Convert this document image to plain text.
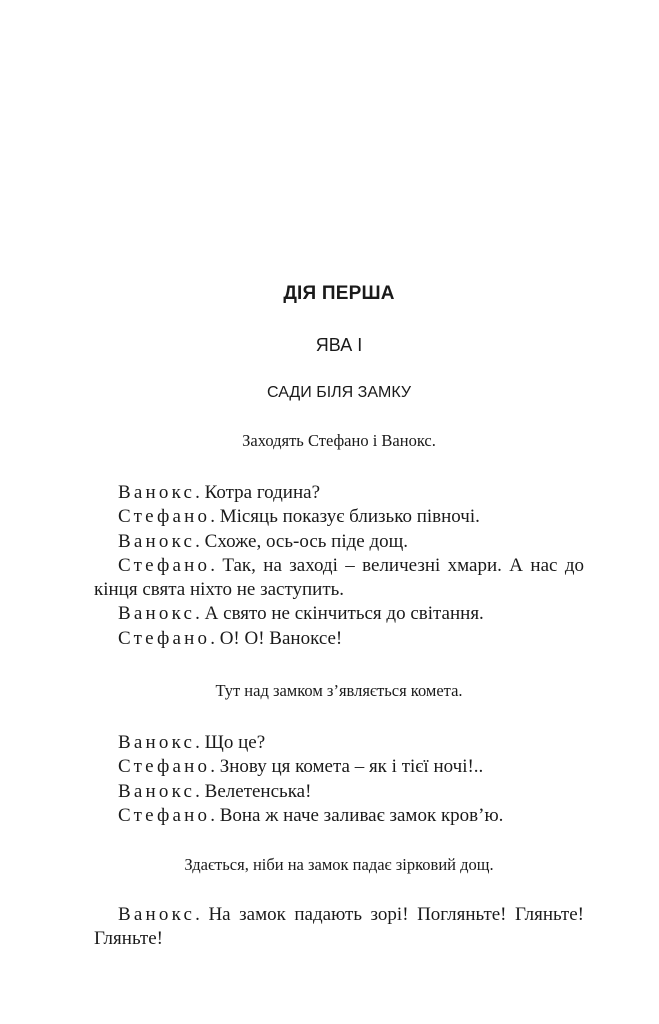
ДІЯ ПЕРША
ЯВА І
САДИ БІЛЯ ЗАМКУ
Заходять Стефано і Ванокс.

Ванокс. Котра година?

Стефано. Місяць показує близько півночі.

Ванокс. Схоже, ось-ось піде дощ.

Стефано. Так, на заході – величезні хмари. А нас до кінця свята ніхто не заступить.

Ванокс. А свято не скінчиться до світання.

Стефано. О! О! Ваноксе!

Тут над замком з’являється комета.

Ванокс. Що це?

Стефано. Знову ця комета – як і тієї ночі!..

Ванокс. Велетенська!

Стефано. Вона ж наче заливає замок кров’ю.

Здається, ніби на замок падає зірковий дощ.

Ванокс. На замок падають зорі! Погляньте! Гляньте! Гляньте!
